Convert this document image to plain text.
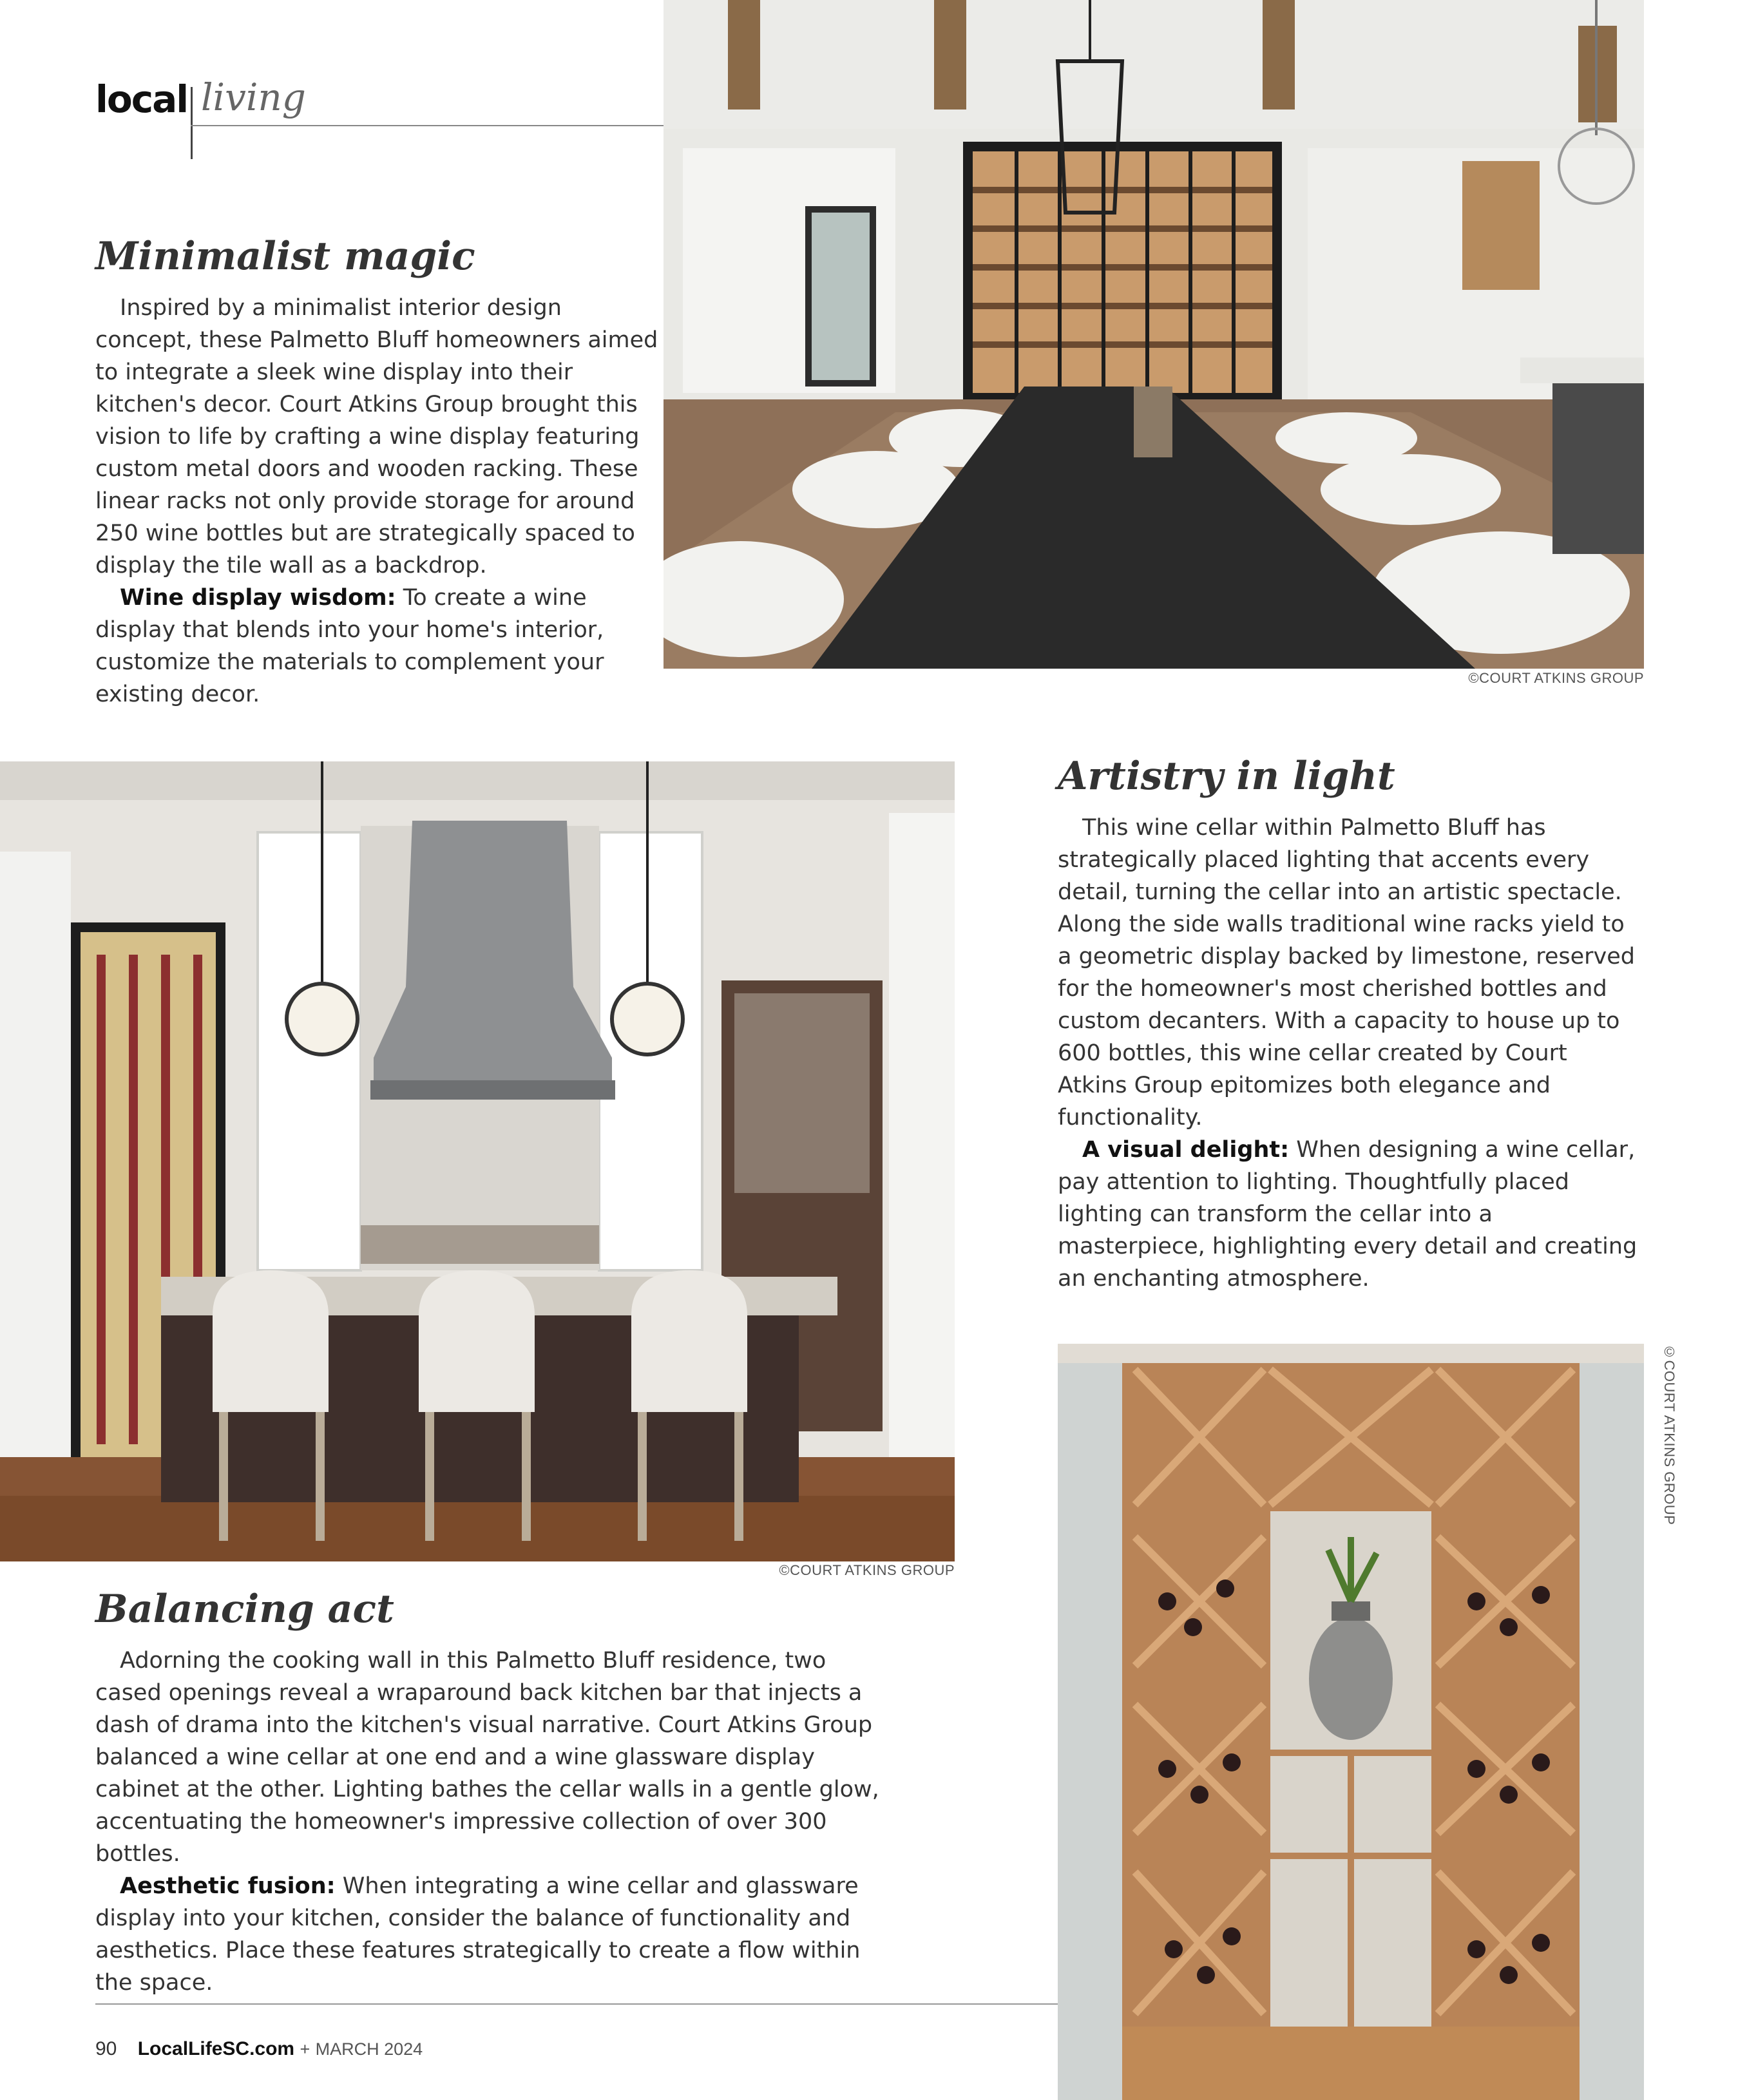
local living
Minimalist magic

Inspired by a minimalist interior design concept, these Palmetto Bluff homeowners aimed to integrate a sleek wine display into their kitchen's decor. Court Atkins Group brought this vision to life by crafting a wine display featuring custom metal doors and wooden racking. These linear racks not only provide storage for around 250 wine bottles but are strategically spaced to display the tile wall as a backdrop.

Wine display wisdom: To create a wine display that blends into your home's interior, customize the materials to complement your existing decor.

©COURT ATKINS GROUP
©COURT ATKINS GROUP
Artistry in light

This wine cellar within Palmetto Bluff has strategically placed lighting that accents every detail, turning the cellar into an artistic spectacle. Along the side walls traditional wine racks yield to a geometric display backed by limestone, reserved for the homeowner's most cherished bottles and custom decanters. With a capacity to house up to 600 bottles, this wine cellar created by Court Atkins Group epitomizes both elegance and functionality.

A visual delight: When designing a wine cellar, pay attention to lighting. Thoughtfully placed lighting can transform the cellar into a masterpiece, highlighting every detail and creating an enchanting atmosphere.

Balancing act

Adorning the cooking wall in this Palmetto Bluff residence, two cased openings reveal a wraparound back kitchen bar that injects a dash of drama into the kitchen's visual narrative. Court Atkins Group balanced a wine cellar at one end and a wine glassware display cabinet at the other. Lighting bathes the cellar walls in a gentle glow, accentuating the homeowner's impressive collection of over 300 bottles.

Aesthetic fusion: When integrating a wine cellar and glassware display into your kitchen, consider the balance of functionality and aesthetics. Place these features strategically to create a flow within the space.

©COURT ATKINS GROUP
90 LocalLifeSC.com + MARCH 2024
